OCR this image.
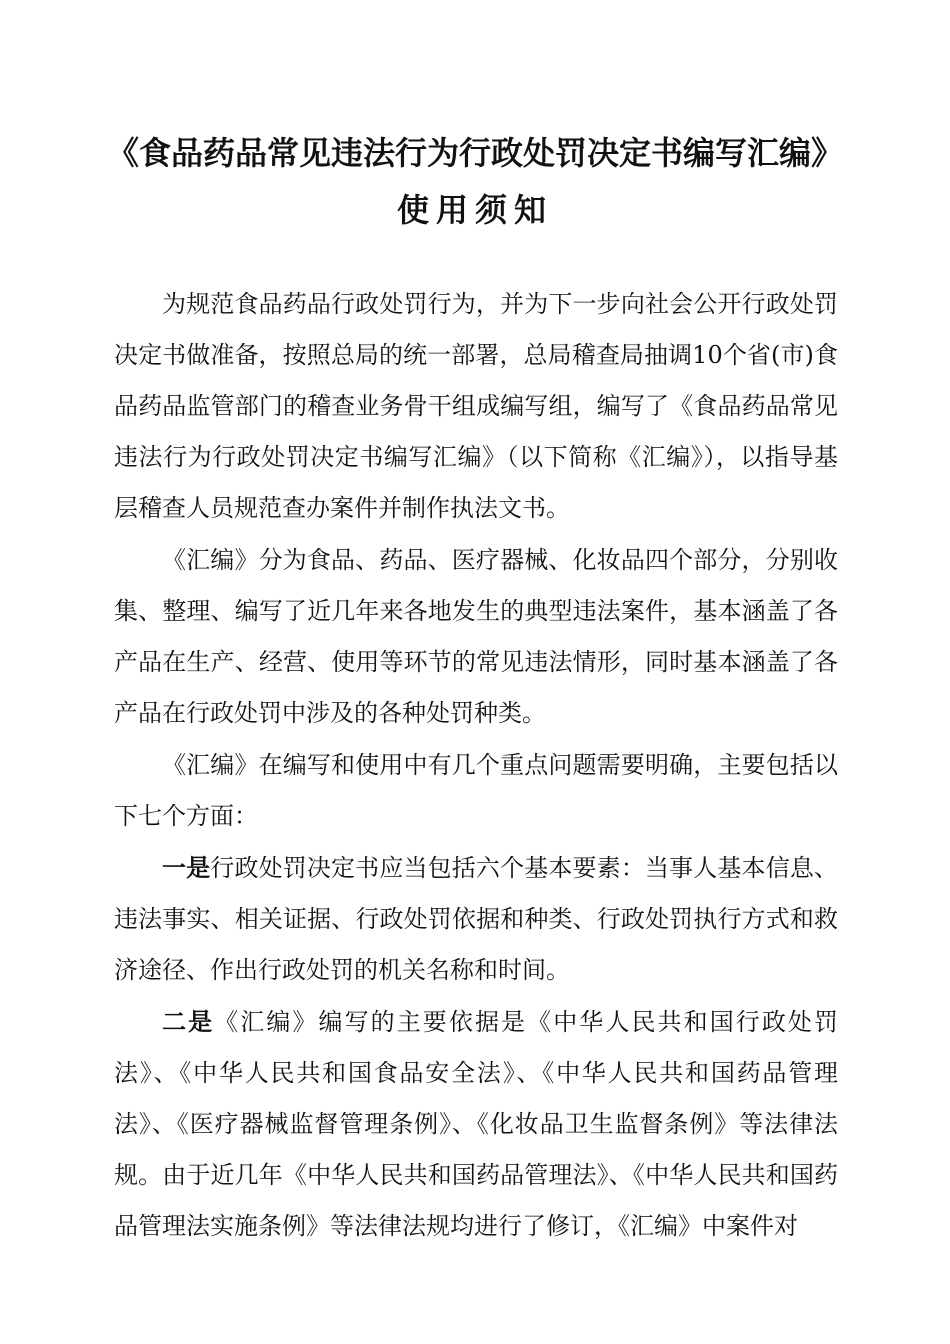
《食品药品常见违法行为行政处罚决定书编写汇编》
使用须知

为规范食品药品行政处罚行为，并为下一步向社会公开行政处罚决定书做准备，按照总局的统一部署，总局稽查局抽调10个省(市)食品药品监管部门的稽查业务骨干组成编写组，编写了《食品药品常见违法行为行政处罚决定书编写汇编》（以下简称《汇编》），以指导基层稽查人员规范查办案件并制作执法文书。

《汇编》分为食品、药品、医疗器械、化妆品四个部分，分别收集、整理、编写了近几年来各地发生的典型违法案件，基本涵盖了各产品在生产、经营、使用等环节的常见违法情形，同时基本涵盖了各产品在行政处罚中涉及的各种处罚种类。

《汇编》在编写和使用中有几个重点问题需要明确，主要包括以下七个方面：

一是行政处罚决定书应当包括六个基本要素：当事人基本信息、违法事实、相关证据、行政处罚依据和种类、行政处罚执行方式和救济途径、作出行政处罚的机关名称和时间。

二是《汇编》编写的主要依据是《中华人民共和国行政处罚法》、《中华人民共和国食品安全法》、《中华人民共和国药品管理法》、《医疗器械监督管理条例》、《化妆品卫生监督条例》等法律法规。由于近几年《中华人民共和国药品管理法》、《中华人民共和国药品管理法实施条例》等法律法规均进行了修订，《汇编》中案件对
